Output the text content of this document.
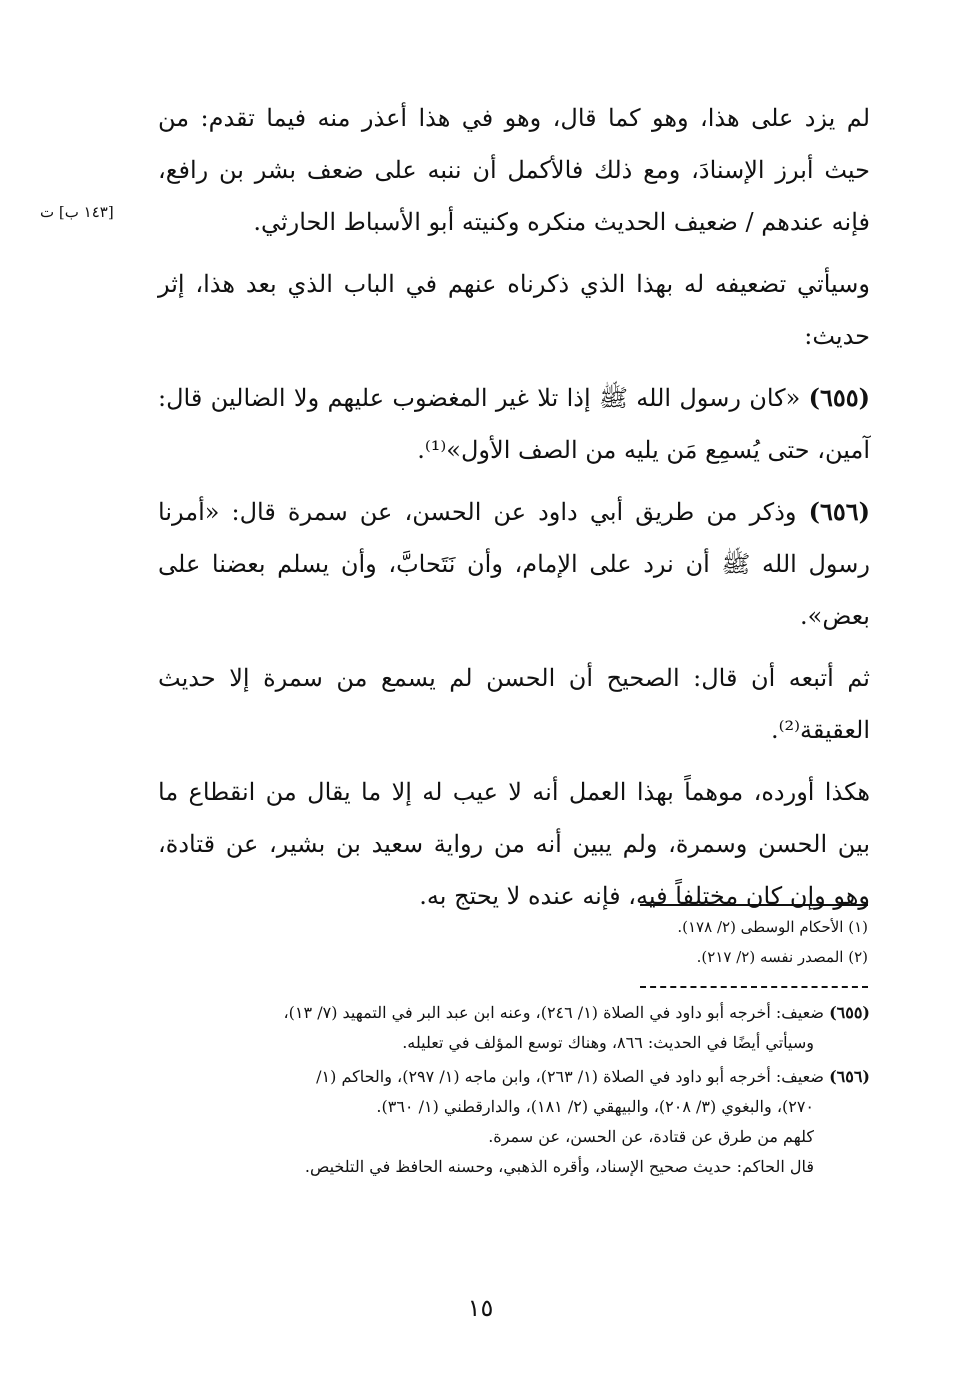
[١٤٣ ب] ت

لم يزد على هذا، وهو كما قال، وهو في هذا أعذر منه فيما تقدم: من حيث أبرز الإسنادَ، ومع ذلك فالأكمل أن ننبه على ضعف بشر بن رافع، فإنه عندهم / ضعيف الحديث منكره وكنيته أبو الأسباط الحارثي.

وسيأتي تضعيفه له بهذا الذي ذكرناه عنهم في الباب الذي بعد هذا، إثر حديث:

(٦٥٥) «كان رسول الله ﷺ إذا تلا غير المغضوب عليهم ولا الضالين قال: آمين، حتى يُسمِع مَن يليه من الصف الأول»⁽¹⁾.

(٦٥٦) وذكر من طريق أبي داود عن الحسن، عن سمرة قال: «أمرنا رسول الله ﷺ أن نرد على الإمام، وأن نَتَحابَّ، وأن يسلم بعضنا على بعض».

ثم أتبعه أن قال: الصحيح أن الحسن لم يسمع من سمرة إلا حديث العقيقة⁽²⁾.

هكذا أورده، موهماً بهذا العمل أنه لا عيب له إلا ما يقال من انقطاع ما بين الحسن وسمرة، ولم يبين أنه من رواية سعيد بن بشير، عن قتادة، وهو وإن كان مختلفاً فيه، فإنه عنده لا يحتج به.

(١) الأحكام الوسطى (٢/ ١٧٨).
(٢) المصدر نفسه (٢/ ٢١٧).
(٦٥٥) ضعيف: أخرجه أبو داود في الصلاة (١/ ٢٤٦)، وعنه ابن عبد البر في التمهيد (٧/ ١٣)،
وسيأتي أيضًا في الحديث: ٨٦٦، وهناك توسع المؤلف في تعليله.
(٦٥٦) ضعيف: أخرجه أبو داود في الصلاة (١/ ٢٦٣)، وابن ماجه (١/ ٢٩٧)، والحاكم (١/
٢٧٠)، والبغوي (٣/ ٢٠٨)، والبيهقي (٢/ ١٨١)، والدارقطني (١/ ٣٦٠).
كلهم من طرق عن قتادة، عن الحسن، عن سمرة.
قال الحاكم: حديث صحيح الإسناد، وأقره الذهبي، وحسنه الحافظ في التلخيص.
١٥
